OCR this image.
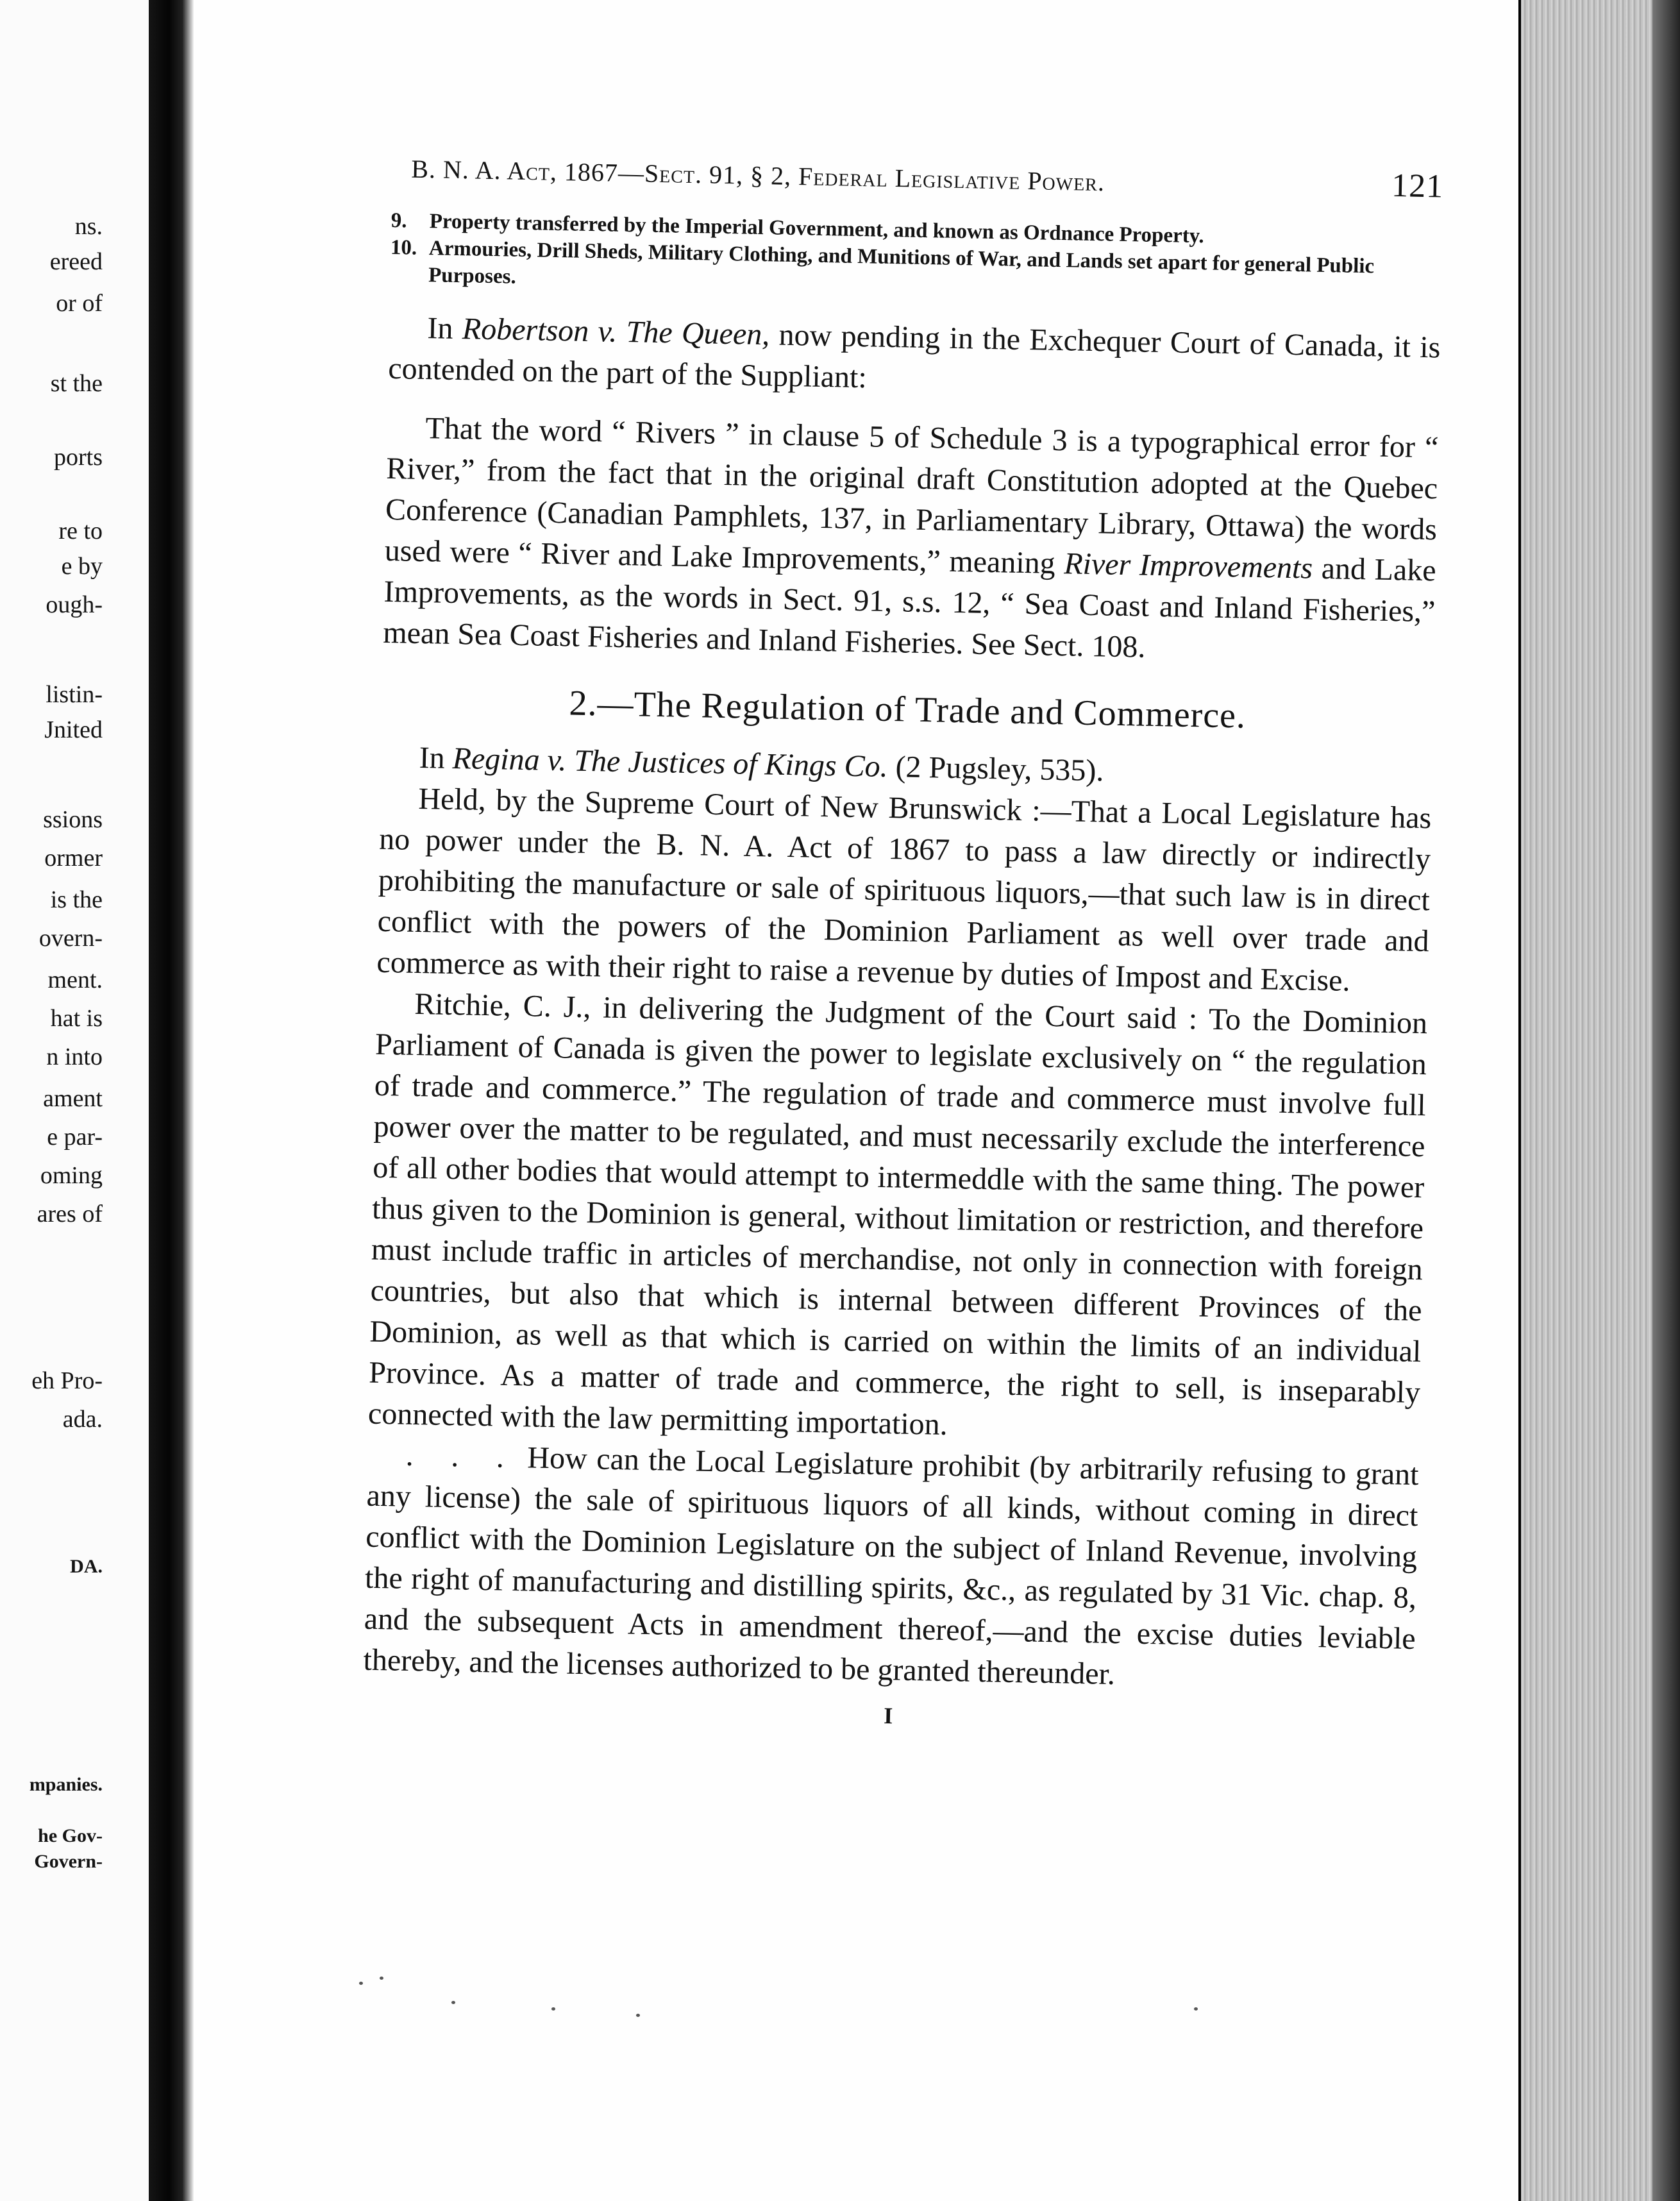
ns.
ereed
or of
st the
ports
re to
e by
ough-
listin-
Jnited
ssions
ormer
is the
overn-
ment.
hat is
n into
ament
e par-
oming
ares of
eh Pro-
ada.
DA.
mpanies.
he Gov-
Govern-
B. N. A. Act, 1867—Sect. 91, § 2, Federal Legislative Power.	121

9. Property transferred by the Imperial Government, and known as Ordnance Property.

10. Armouries, Drill Sheds, Military Clothing, and Munitions of War, and Lands set apart for general Public Purposes.

In Robertson v. The Queen, now pending in the Exchequer Court of Canada, it is contended on the part of the Suppliant:

That the word “ Rivers ” in clause 5 of Schedule 3 is a typographical error for “ River,” from the fact that in the original draft Constitution adopted at the Quebec Conference (Canadian Pamphlets, 137, in Parliamentary Library, Ottawa) the words used were “ River and Lake Improvements,” meaning River Improvements and Lake Improvements, as the words in Sect. 91, s.s. 12, “ Sea Coast and Inland Fisheries,” mean Sea Coast Fisheries and Inland Fisheries. See Sect. 108.

2.—The Regulation of Trade and Commerce.

In Regina v. The Justices of Kings Co. (2 Pugsley, 535).

Held, by the Supreme Court of New Brunswick :—That a Local Legislature has no power under the B. N. A. Act of 1867 to pass a law directly or indirectly prohibiting the manufacture or sale of spirituous liquors,—that such law is in direct conflict with the powers of the Dominion Parliament as well over trade and commerce as with their right to raise a revenue by duties of Impost and Excise.

Ritchie, C. J., in delivering the Judgment of the Court said : To the Dominion Parliament of Canada is given the power to legislate exclusively on “ the regulation of trade and commerce.” The regulation of trade and commerce must involve full power over the matter to be regulated, and must necessarily exclude the interference of all other bodies that would attempt to intermeddle with the same thing. The power thus given to the Dominion is general, without limitation or restriction, and therefore must include traffic in articles of merchandise, not only in connection with foreign countries, but also that which is internal between different Provinces of the Dominion, as well as that which is carried on within the limits of an individual Province. As a matter of trade and commerce, the right to sell, is inseparably connected with the law permitting importation.

. . . How can the Local Legislature prohibit (by arbitrarily refusing to grant any license) the sale of spirituous liquors of all kinds, without coming in direct conflict with the Dominion Legislature on the subject of Inland Revenue, involving the right of manufacturing and distilling spirits, &c., as regulated by 31 Vic. chap. 8, and the subsequent Acts in amendment thereof,—and the excise duties leviable thereby, and the licenses authorized to be granted thereunder.

I
